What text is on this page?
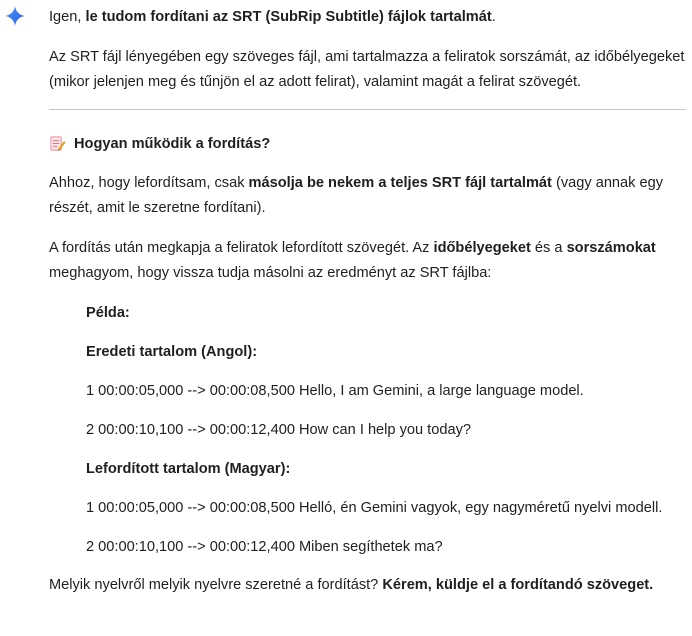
Igen, le tudom fordítani az SRT (SubRip Subtitle) fájlok tartalmát.

Az SRT fájl lényegében egy szöveges fájl, ami tartalmazza a feliratok sorszámát, az időbélyegeket (mikor jelenjen meg és tűnjön el az adott felirat), valamint magát a felirat szövegét.

Hogyan működik a fordítás?

Ahhoz, hogy lefordítsam, csak másolja be nekem a teljes SRT fájl tartalmát (vagy annak egy részét, amit le szeretne fordítani).

A fordítás után megkapja a feliratok lefordított szövegét. Az időbélyegeket és a sorszámokat meghagyom, hogy vissza tudja másolni az eredményt az SRT fájlba:

Példa:

Eredeti tartalom (Angol):

1 00:00:05,000 --> 00:00:08,500 Hello, I am Gemini, a large language model.

2 00:00:10,100 --> 00:00:12,400 How can I help you today?

Lefordított tartalom (Magyar):

1 00:00:05,000 --> 00:00:08,500 Helló, én Gemini vagyok, egy nagyméretű nyelvi modell.

2 00:00:10,100 --> 00:00:12,400 Miben segíthetek ma?

Melyik nyelvről melyik nyelvre szeretné a fordítást? Kérem, küldje el a fordítandó szöveget.
